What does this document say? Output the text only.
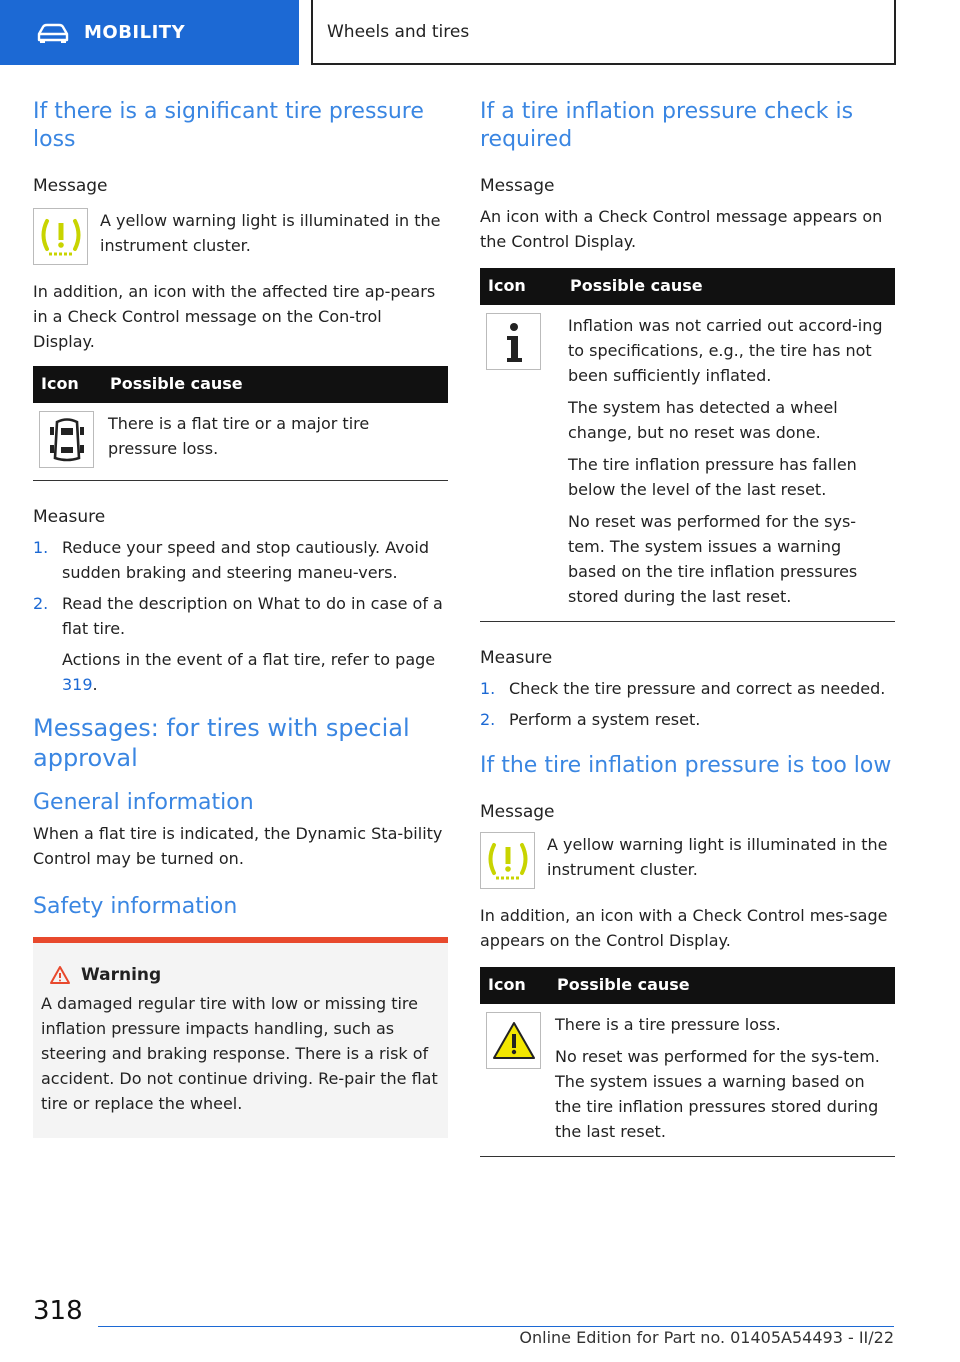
MOBILITY	Wheels and tires
If there is a significant tire pressure loss
Message

A yellow warning light is illuminated in the instrument cluster.

In addition, an icon with the affected tire ap-pears in a Check Control message on the Con-trol Display.

Icon	Possible cause

There is a flat tire or a major tire pressure loss.

Measure
1. Reduce your speed and stop cautiously. Avoid sudden braking and steering maneu-vers.

2. Read the description on What to do in case of a flat tire.

Actions in the event of a flat tire, refer to page 319.

Messages: for tires with special approval
General information

When a flat tire is indicated, the Dynamic Sta-bility Control may be turned on.

Safety information
Warning

A damaged regular tire with low or missing tire inflation pressure impacts handling, such as steering and braking response. There is a risk of accident. Do not continue driving. Re-pair the flat tire or replace the wheel.

If a tire inflation pressure check is required
Message

An icon with a Check Control message appears on the Control Display.

Icon	Possible cause

Inflation was not carried out accord-ing to specifications, e.g., the tire has not been sufficiently inflated.

The system has detected a wheel change, but no reset was done.

The tire inflation pressure has fallen below the level of the last reset.

No reset was performed for the sys-tem. The system issues a warning based on the tire inflation pressures stored during the last reset.

Measure
1. Check the tire pressure and correct as needed.

2. Perform a system reset.

If the tire inflation pressure is too low
Message

A yellow warning light is illuminated in the instrument cluster.

In addition, an icon with a Check Control mes-sage appears on the Control Display.

Icon	Possible cause

There is a tire pressure loss.

No reset was performed for the sys-tem. The system issues a warning based on the tire inflation pressures stored during the last reset.

318
Online Edition for Part no. 01405A54493 - II/22
